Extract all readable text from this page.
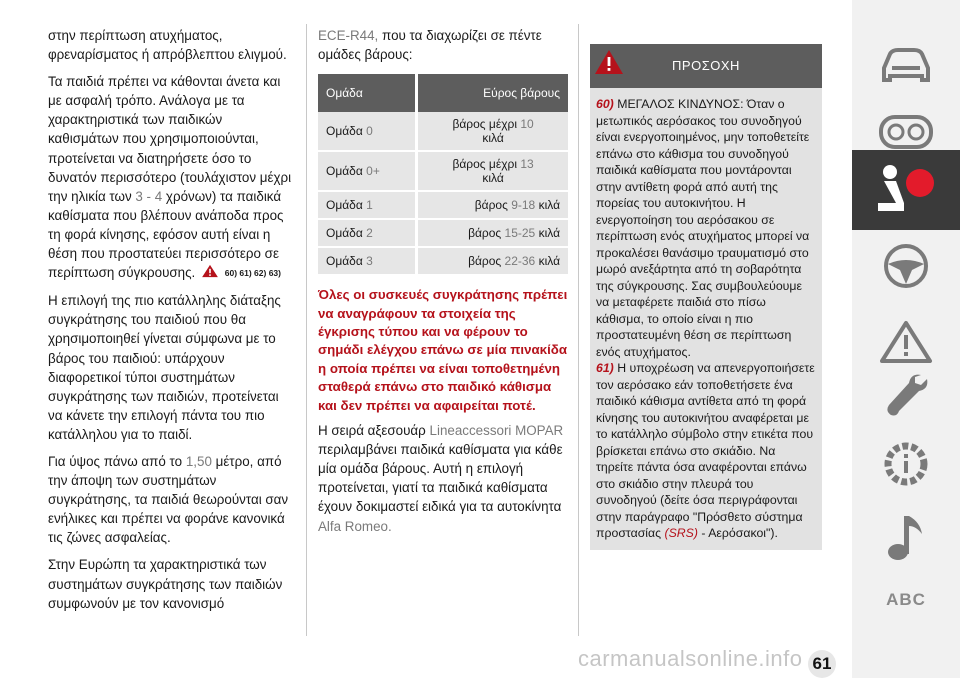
στην περίπτωση ατυχήματος, φρεναρίσματος ή απρόβλεπτου ελιγμού.

Τα παιδιά πρέπει να κάθονται άνετα και με ασφαλή τρόπο. Ανάλογα με τα χαρακτηριστικά των παιδικών καθισμάτων που χρησιμοποιούνται, προτείνεται να διατηρήσετε όσο το δυνατόν περισσότερο (τουλάχιστον μέχρι την ηλικία των 3 - 4 χρόνων) τα παιδικά καθίσματα που βλέπουν ανάποδα προς τη φορά κίνησης, εφόσον αυτή είναι η θέση που προστατεύει περισσότερο σε περίπτωση σύγκρουσης.	60) 61) 62) 63)

Η επιλογή της πιο κατάλληλης διάταξης συγκράτησης του παιδιού που θα χρησιμοποιηθεί γίνεται σύμφωνα με το βάρος του παιδιού: υπάρχουν διαφορετικοί τύποι συστημάτων συγκράτησης των παιδιών, προτείνεται να κάνετε την επιλογή πάντα του πιο κατάλληλου για το παιδί.

Για ύψος πάνω από το 1,50 μέτρο, από την άποψη των συστημάτων συγκράτησης, τα παιδιά θεωρούνται σαν ενήλικες και πρέπει να φοράνε κανονικά τις ζώνες ασφαλείας.

Στην Ευρώπη τα χαρακτηριστικά των συστημάτων συγκράτησης των παιδιών συμφωνούν με τον κανονισμό

ECE-R44, που τα διαχωρίζει σε πέντε ομάδες βάρους:

Ομάδα	Εύρος βάρους
Ομάδα 0	βάρος μέχρι 10
κιλά
Ομάδα 0+	βάρος μέχρι 13
κιλά
Ομάδα 1	βάρος 9-18 κιλά
Ομάδα 2	βάρος 15-25 κιλά
Ομάδα 3	βάρος 22-36 κιλά

Όλες οι συσκευές συγκράτησης πρέπει να αναγράφουν τα στοιχεία της έγκρισης τύπου και να φέρουν το σημάδι ελέγχου επάνω σε μία πινακίδα η οποία πρέπει να είναι τοποθετημένη σταθερά επάνω στο παιδικό κάθισμα και δεν πρέπει να αφαιρείται ποτέ.

Η σειρά αξεσουάρ Lineaccessori MOPAR περιλαμβάνει παιδικά καθίσματα για κάθε μία ομάδα βάρους. Αυτή η επιλογή προτείνεται, γιατί τα παιδικά καθίσματα έχουν δοκιμαστεί ειδικά για τα αυτοκίνητα Alfa Romeo.

ΠΡΟΣΟΧΗ

60) ΜΕΓΑΛΟΣ ΚΙΝΔΥΝΟΣ: Όταν ο μετωπικός αερόσακος του συνοδηγού είναι ενεργοποιημένος, μην τοποθετείτε επάνω στο κάθισμα του συνοδηγού παιδικά καθίσματα που μοντάρονται στην αντίθετη φορά από αυτή της πορείας του αυτοκινήτου. Η ενεργοποίηση του αερόσακου σε περίπτωση ενός ατυχήματος μπορεί να προκαλέσει θανάσιμο τραυματισμό στο μωρό ανεξάρτητα από τη σοβαρότητα της σύγκρουσης. Σας συμβουλεύουμε να μεταφέρετε παιδιά στο πίσω κάθισμα, το οποίο είναι η πιο προστατευμένη θέση σε περίπτωση ενός ατυχήματος.

61) Η υποχρέωση να απενεργοποιήσετε τον αερόσακο εάν τοποθετήσετε ένα παιδικό κάθισμα αντίθετα από τη φορά κίνησης του αυτοκινήτου αναφέρεται με το κατάλληλο σύμβολο στην ετικέτα που βρίσκεται επάνω στο σκιάδιο. Να τηρείτε πάντα όσα αναφέρονται επάνω στο σκιάδιο στην πλευρά του συνοδηγού (δείτε όσα περιγράφονται στην παράγραφο "Πρόσθετο σύστημα προστασίας (SRS) - Αερόσακοι").

ABC
carmanualsonline.info 61
